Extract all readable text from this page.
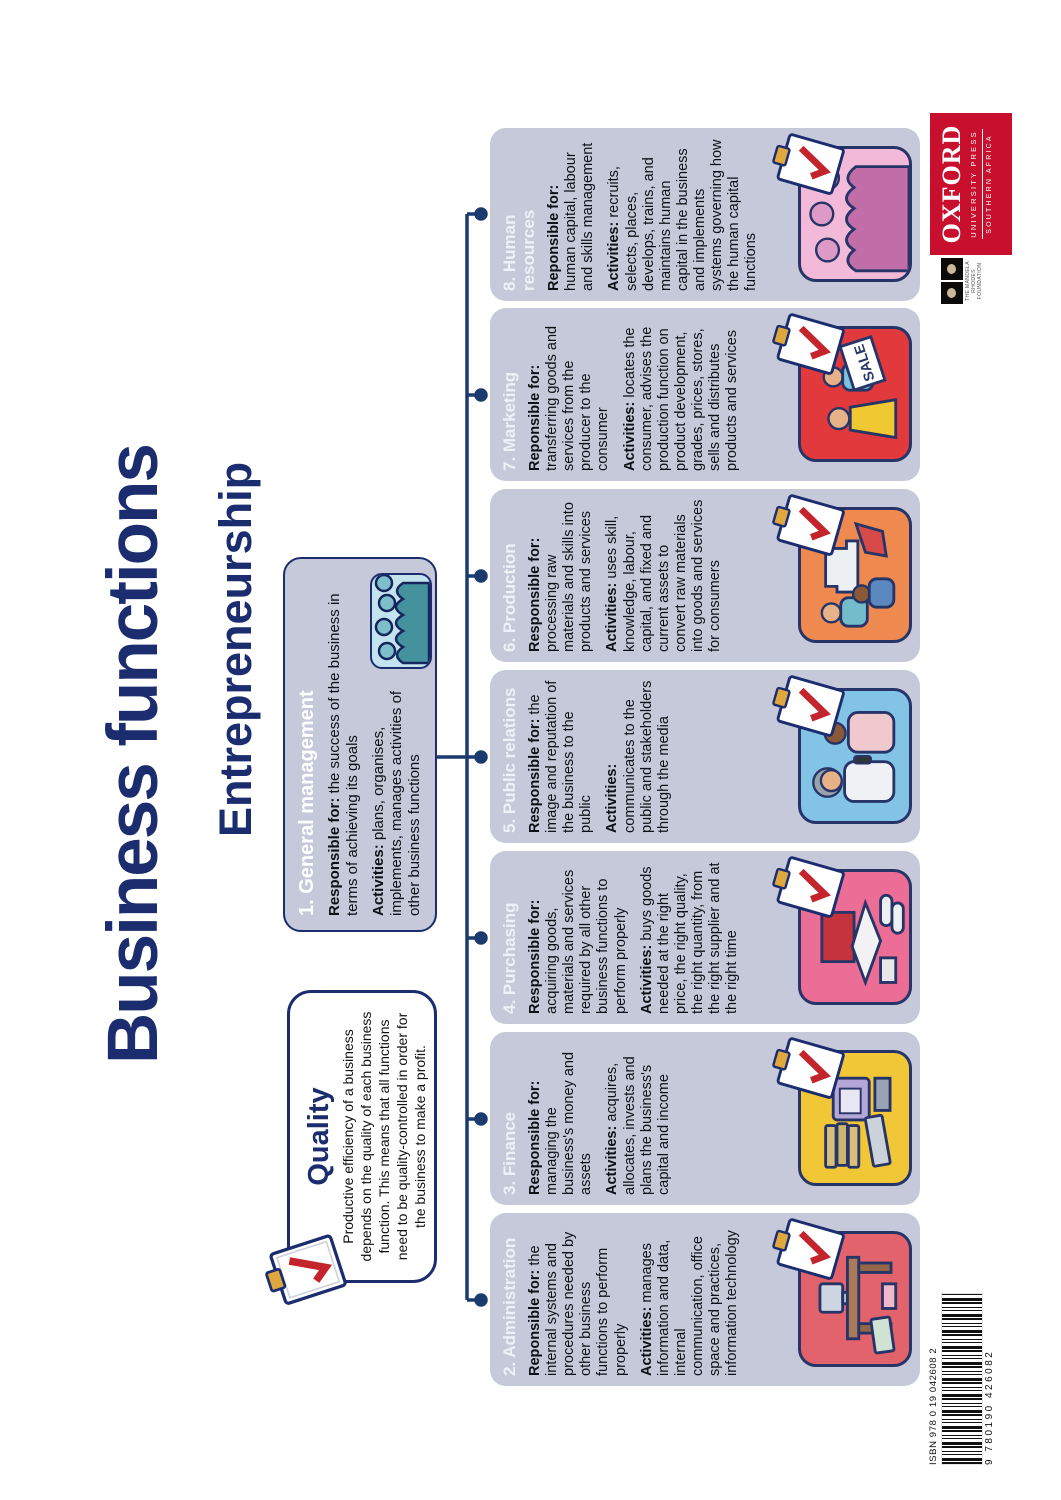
Business functions Entrepreneurship
Quality Productive efficiency of a business depends on the quality of each business function. This means that all functions need to be quality-controlled in order for the business to make a profit.

1. General management Responsible for: the success of the business in terms of achieving its goals Activities: plans, organises, implements, manages activities of other business functions

2. Administration Reponsible for: the internal systems and procedures needed by other business functions to perform properly Activities: manages information and data, internal communication, office space and practices, information technology

3. Finance Responsible for: managing the business's money and assets Activities: acquires, allocates, invests and plans the business's capital and income

4. Purchasing Responsible for: acquiring goods, materials and services required by all other business functions to perform properly Activities: buys goods needed at the right price, the right quality, the right quantity, from the right supplier and at the right time

5. Public relations Responsible for: the image and reputation of the business to the public Activities: communicates to the public and stakeholders through the media

6. Production Responsible for: processing raw materials and skills into products and services Activities: uses skill, knowledge, labour, capital, and fixed and current assets to convert raw materials into goods and services for consumers

7. Marketing Reponsible for: transferring goods and services from the producer to the consumer Activities: locates the consumer, advises the production function on product development, grades, prices, stores, sells and distributes products and services	SALE
8. Human resources Reponsible for: human capital, labour and skills management Activities: recruits, selects, places, develops, trains, and maintains human capital in the business and implements systems governing how the human capital functions

OXFORD UNIVERSITY PRESS SOUTHERN AFRICA
THE MANDELA RHODES FOUNDATION
ISBN 978 0 19 042608 2	9 780190 426082
